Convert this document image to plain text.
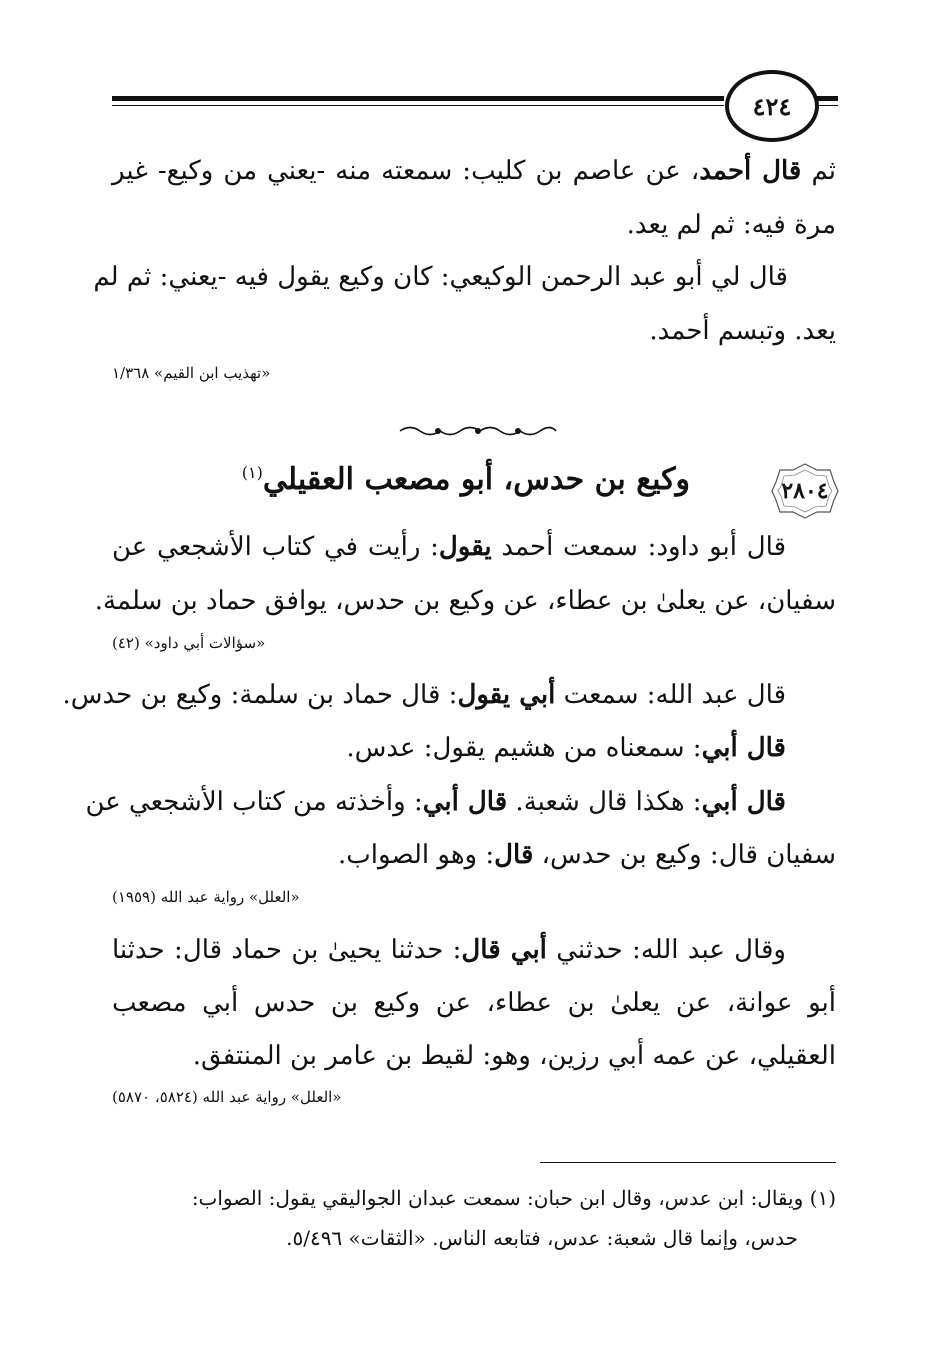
٤٢٤
ثم قال أحمد، عن عاصم بن كليب: سمعته منه -يعني من وكيع- غير
مرة فيه: ثم لم يعد.
قال لي أبو عبد الرحمن الوكيعي: كان وكيع يقول فيه -يعني: ثم لم
يعد. وتبسم أحمد.
«تهذيب ابن القيم» ١/٣٦٨
٢٨٠٤
وكيع بن حدس، أبو مصعب العقيلي$^{(١)}$
قال أبو داود: سمعت أحمد يقول: رأيت في كتاب الأشجعي عن
سفيان، عن يعلىٰ بن عطاء، عن وكيع بن حدس، يوافق حماد بن سلمة.
«سؤالات أبي داود» (٤٢)
قال عبد الله: سمعت أبي يقول: قال حماد بن سلمة: وكيع بن حدس.
قال أبي: سمعناه من هشيم يقول: عدس.
قال أبي: هكذا قال شعبة. قال أبي: وأخذته من كتاب الأشجعي عن
سفيان قال: وكيع بن حدس، قال: وهو الصواب.
«العلل» رواية عبد الله (١٩٥٩)
وقال عبد الله: حدثني أبي قال: حدثنا يحيىٰ بن حماد قال: حدثنا
أبو عوانة، عن يعلىٰ بن عطاء، عن وكيع بن حدس أبي مصعب
العقيلي، عن عمه أبي رزين، وهو: لقيط بن عامر بن المنتفق.
«العلل» رواية عبد الله (٥٨٢٤، ٥٨٧٠)
(١) ويقال: ابن عدس، وقال ابن حبان: سمعت عبدان الجواليقي يقول: الصواب:
حدس، وإنما قال شعبة: عدس، فتابعه الناس. «الثقات» ٥/٤٩٦.
